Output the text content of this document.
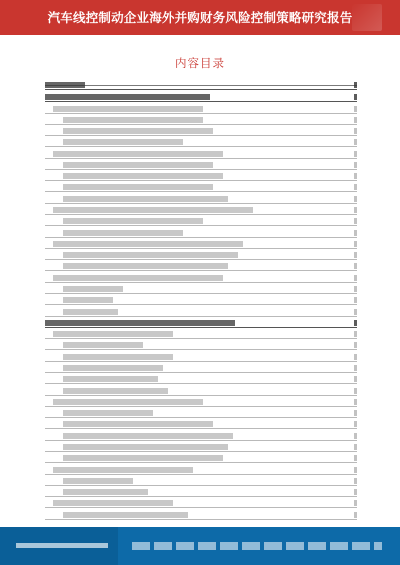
汽车线控制动企业海外并购财务风险控制策略研究报告
内容目录
